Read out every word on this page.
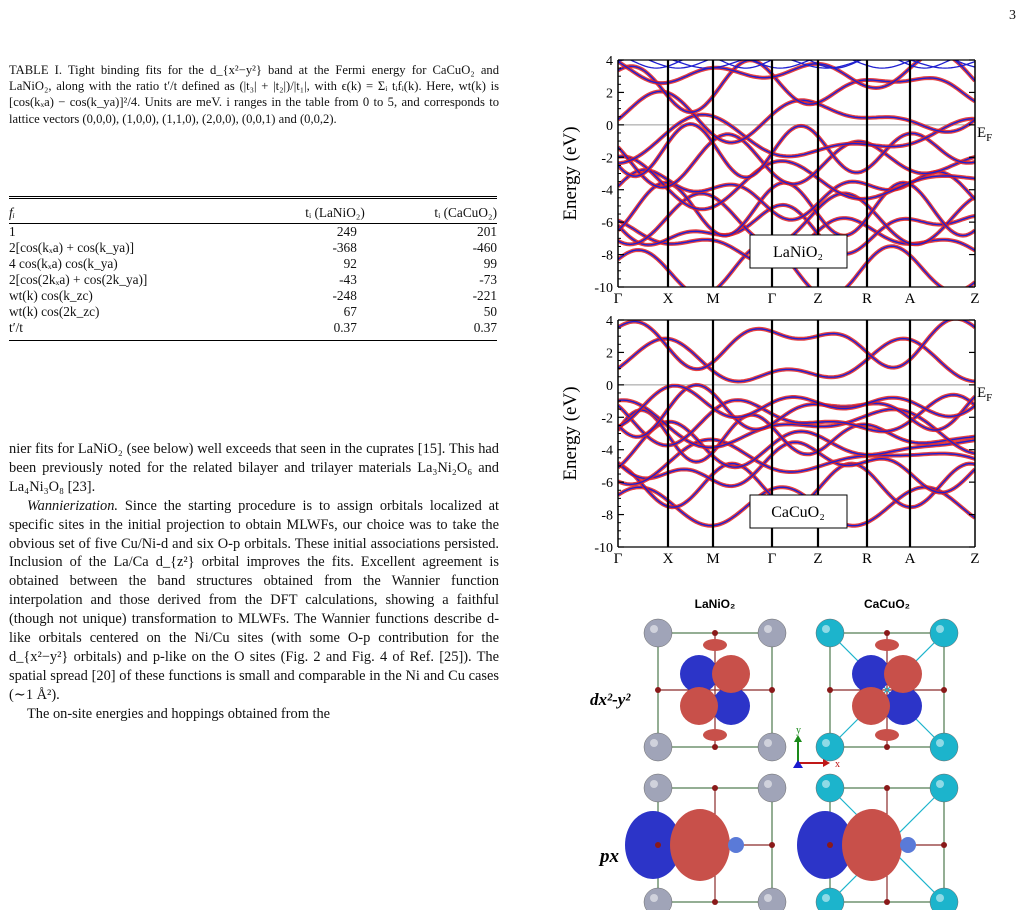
3

TABLE I. Tight binding fits for the d_{x²−y²} band at the Fermi energy for CaCuO₂ and LaNiO₂, along with the ratio t′/t defined as (|t₃| + |t₂|)/|t₁|, with ϵ(k) = Σᵢ tᵢfᵢ(k). Here, wt(k) is [cos(kₓa) − cos(k_ya)]²/4. Units are meV. i ranges in the table from 0 to 5, and corresponds to lattice vectors (0,0,0), (1,0,0), (1,1,0), (2,0,0), (0,0,1) and (0,0,2).

fᵢ	tᵢ (LaNiO₂)	tᵢ (CaCuO₂)
1	249	201
2[cos(kₓa) + cos(k_ya)]	-368	-460
4 cos(kₓa) cos(k_ya)	92	99
2[cos(2kₓa) + cos(2k_ya)]	-43	-73
wt(k) cos(k_zc)	-248	-221
wt(k) cos(2k_zc)	67	50
t′/t	0.37	0.37

nier fits for LaNiO₂ (see below) well exceeds that seen in the cuprates [15]. This had been previously noted for the related bilayer and trilayer materials La₃Ni₂O₆ and La₄Ni₃O₈ [23].

Wannierization. Since the starting procedure is to assign orbitals localized at specific sites in the initial projection to obtain MLWFs, our choice was to take the obvious set of five Cu/Ni-d and six O-p orbitals. These initial associations persisted. Inclusion of the La/Ca d_{z²} orbital improves the fits. Excellent agreement is obtained between the band structures obtained from the Wannier function interpolation and those derived from the DFT calculations, showing a faithful (though not unique) transformation to MLWFs. The Wannier functions describe d-like orbitals centered on the Ni/Cu sites (with some O-p contribution for the d_{x²−y²} orbitals) and p-like on the O sites (Fig. 2 and Fig. 4 of Ref. [25]). The spatial spread [20] of these functions is small and comparable in the Ni and Cu cases (∼1 Å²).

The on-site energies and hoppings obtained from the

4
2
0
-2
-4
-6
-8
-10
Γ	X M	Γ Z	R A	Z
Energy (eV)	$E_F$
LaNiO₂
4
2
0
-2
-4
-6
-8
-10
Γ	X M	Γ Z	R A	Z
Energy (eV)	$E_F$
CaCuO₂
LaNiO₂	CaCuO₂
dx²-y²
px
y
x
